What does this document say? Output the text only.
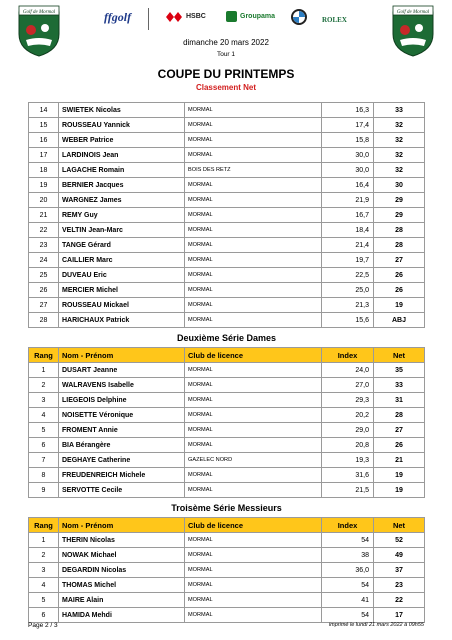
Golf de Mormal	ffgolf	HSBC	Groupama	ROLEX
Golf de Mormal
dimanche 20 mars 2022
Tour 1
COUPE DU PRINTEMPS
Classement Net
14	SWIETEK Nicolas	MORMAL	16,3	33
15	ROUSSEAU Yannick	MORMAL	17,4	32
16	WEBER Patrice	MORMAL	15,8	32
17	LARDINOIS Jean	MORMAL	30,0	32
18	LAGACHE Romain	BOIS DES RETZ	30,0	32
19	BERNIER Jacques	MORMAL	16,4	30
20	WARGNEZ James	MORMAL	21,9	29
21	REMY Guy	MORMAL	16,7	29
22	VELTIN Jean-Marc	MORMAL	18,4	28
23	TANGE Gérard	MORMAL	21,4	28
24	CAILLIER Marc	MORMAL	19,7	27
25	DUVEAU Eric	MORMAL	22,5	26
26	MERCIER Michel	MORMAL	25,0	26
27	ROUSSEAU Mickael	MORMAL	21,3	19
28	HARICHAUX Patrick	MORMAL	15,6	ABJ
Deuxième Série Dames				
Rang	Nom - Prénom	Club de licence	Index	Net
1	DUSART Jeanne	MORMAL	24,0	35
2	WALRAVENS Isabelle	MORMAL	27,0	33
3	LIEGEOIS Delphine	MORMAL	29,3	31
4	NOISETTE Véronique	MORMAL	20,2	28
5	FROMENT Annie	MORMAL	29,0	27
6	BIA Bérangère	MORMAL	20,8	26
7	DEGHAYE Catherine	GAZELEC NORD	19,3	21
8	FREUDENREICH Michele	MORMAL	31,6	19
9	SERVOTTE Cecile	MORMAL	21,5	19
Troisème Série Messieurs				
Rang	Nom - Prénom	Club de licence	Index	Net
1	THERIN Nicolas	MORMAL	54	52
2	NOWAK Michael	MORMAL	38	49
3	DEGARDIN Nicolas	MORMAL	36,0	37
4	THOMAS Michel	MORMAL	54	23
5	MAIRE Alain	MORMAL	41	22
6	HAMIDA Mehdi	MORMAL	54	17
Page 2 / 3	imprimé le lundi 21 mars 2022 à 09h55
